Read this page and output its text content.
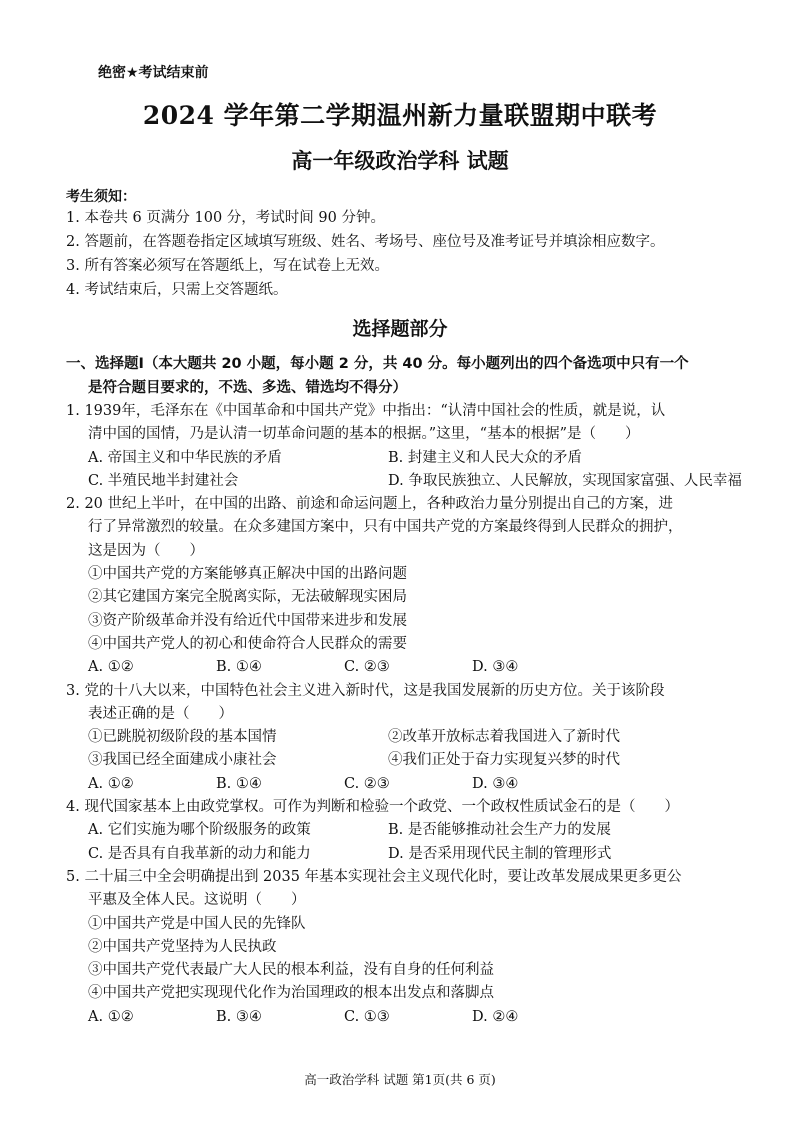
绝密★考试结束前
2024 学年第二学期温州新力量联盟期中联考
高一年级政治学科 试题
考生须知：
1. 本卷共 6 页满分 100 分，考试时间 90 分钟。
2. 答题前，在答题卷指定区域填写班级、姓名、考场号、座位号及准考证号并填涂相应数字。
3. 所有答案必须写在答题纸上，写在试卷上无效。
4. 考试结束后，只需上交答题纸。
选择题部分
一、选择题Ⅰ（本大题共 20 小题，每小题 2 分，共 40 分。每小题列出的四个备选项中只有一个
是符合题目要求的，不选、多选、错选均不得分）
1. 1939年，毛泽东在《中国革命和中国共产党》中指出：“认清中国社会的性质，就是说，认
清中国的国情，乃是认清一切革命问题的基本的根据。”这里，“基本的根据”是（　　）
A. 帝国主义和中华民族的矛盾	B. 封建主义和人民大众的矛盾
C. 半殖民地半封建社会	D. 争取民族独立、人民解放，实现国家富强、人民幸福
2. 20 世纪上半叶，在中国的出路、前途和命运问题上，各种政治力量分别提出自己的方案，进
行了异常激烈的较量。在众多建国方案中，只有中国共产党的方案最终得到人民群众的拥护，
这是因为（　　）
①中国共产党的方案能够真正解决中国的出路问题
②其它建国方案完全脱离实际，无法破解现实困局
③资产阶级革命并没有给近代中国带来进步和发展
④中国共产党人的初心和使命符合人民群众的需要
A. ①②	B. ①④	C. ②③	D. ③④
3. 党的十八大以来，中国特色社会主义进入新时代，这是我国发展新的历史方位。关于该阶段
表述正确的是（　　）
①已跳脱初级阶段的基本国情	②改革开放标志着我国进入了新时代
③我国已经全面建成小康社会	④我们正处于奋力实现复兴梦的时代
A. ①②	B. ①④	C. ②③	D. ③④
4. 现代国家基本上由政党掌权。可作为判断和检验一个政党、一个政权性质试金石的是（　　）
A. 它们实施为哪个阶级服务的政策	B. 是否能够推动社会生产力的发展
C. 是否具有自我革新的动力和能力	D. 是否采用现代民主制的管理形式
5. 二十届三中全会明确提出到 2035 年基本实现社会主义现代化时，要让改革发展成果更多更公
平惠及全体人民。这说明（　　）
①中国共产党是中国人民的先锋队
②中国共产党坚持为人民执政
③中国共产党代表最广大人民的根本利益，没有自身的任何利益
④中国共产党把实现现代化作为治国理政的根本出发点和落脚点
A. ①②	B. ③④	C. ①③	D. ②④
高一政治学科 试题 第1页(共 6 页)
